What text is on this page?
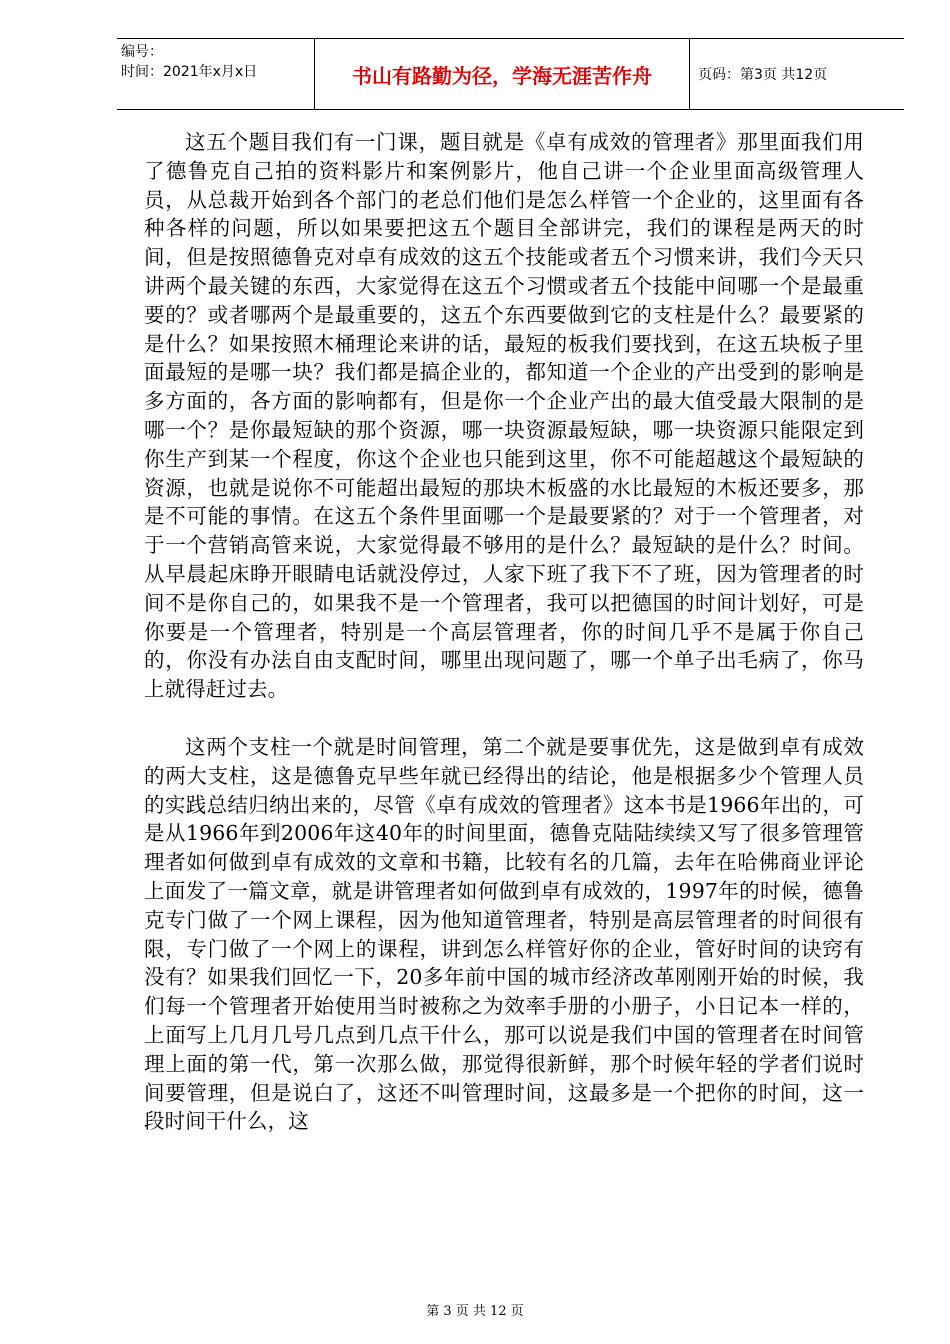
编号：
时间：2021年x月x日	书山有路勤为径，学海无涯苦作舟	页码：第3页 共12页

这五个题目我们有一门课，题目就是《卓有成效的管理者》那里面我们用了德鲁克自己拍的资料影片和案例影片，他自己讲一个企业里面高级管理人员，从总裁开始到各个部门的老总们他们是怎么样管一个企业的，这里面有各种各样的问题，所以如果要把这五个题目全部讲完，我们的课程是两天的时间，但是按照德鲁克对卓有成效的这五个技能或者五个习惯来讲，我们今天只讲两个最关键的东西，大家觉得在这五个习惯或者五个技能中间哪一个是最重要的？或者哪两个是最重要的，这五个东西要做到它的支柱是什么？最要紧的是什么？如果按照木桶理论来讲的话，最短的板我们要找到，在这五块板子里面最短的是哪一块？我们都是搞企业的，都知道一个企业的产出受到的影响是多方面的，各方面的影响都有，但是你一个企业产出的最大值受最大限制的是哪一个？是你最短缺的那个资源，哪一块资源最短缺，哪一块资源只能限定到你生产到某一个程度，你这个企业也只能到这里，你不可能超越这个最短缺的资源，也就是说你不可能超出最短的那块木板盛的水比最短的木板还要多，那是不可能的事情。在这五个条件里面哪一个是最要紧的？对于一个管理者，对于一个营销高管来说，大家觉得最不够用的是什么？最短缺的是什么？时间。从早晨起床睁开眼睛电话就没停过，人家下班了我下不了班，因为管理者的时间不是你自己的，如果我不是一个管理者，我可以把德国的时间计划好，可是你要是一个管理者，特别是一个高层管理者，你的时间几乎不是属于你自己的，你没有办法自由支配时间，哪里出现问题了，哪一个单子出毛病了，你马上就得赶过去。

这两个支柱一个就是时间管理，第二个就是要事优先，这是做到卓有成效的两大支柱，这是德鲁克早些年就已经得出的结论，他是根据多少个管理人员的实践总结归纳出来的，尽管《卓有成效的管理者》这本书是1966年出的，可是从1966年到2006年这40年的时间里面，德鲁克陆陆续续又写了很多管理管理者如何做到卓有成效的文章和书籍，比较有名的几篇，去年在哈佛商业评论上面发了一篇文章，就是讲管理者如何做到卓有成效的，1997年的时候，德鲁克专门做了一个网上课程，因为他知道管理者，特别是高层管理者的时间很有限，专门做了一个网上的课程，讲到怎么样管好你的企业，管好时间的诀窍有没有？如果我们回忆一下，20多年前中国的城市经济改革刚刚开始的时候，我们每一个管理者开始使用当时被称之为效率手册的小册子，小日记本一样的，上面写上几月几号几点到几点干什么，那可以说是我们中国的管理者在时间管理上面的第一代，第一次那么做，那觉得很新鲜，那个时候年轻的学者们说时间要管理，但是说白了，这还不叫管理时间，这最多是一个把你的时间，这一段时间干什么，这

第 3 页 共 12 页
